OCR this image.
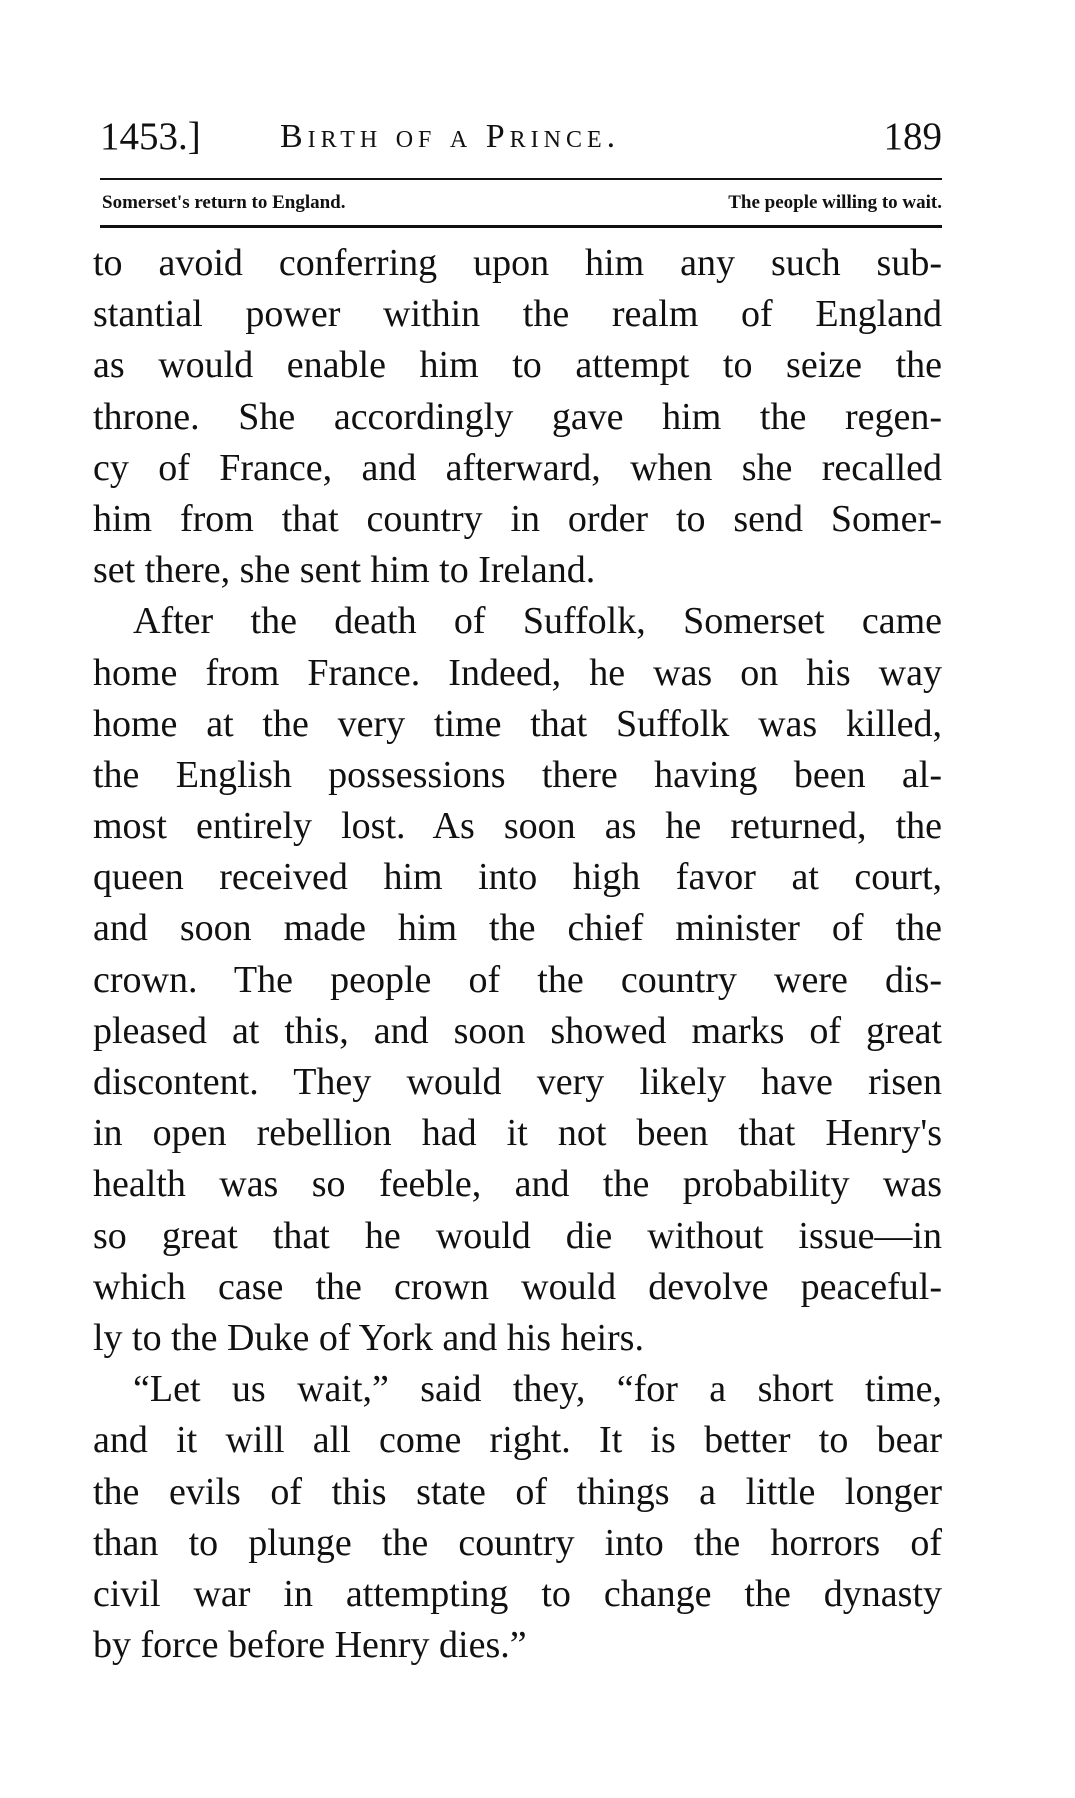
1453.] Birth of a Prince.	189
Somerset's return to England.	The people willing to wait.
to avoid conferring upon him any such sub-
stantial power within the realm of England
as would enable him to attempt to seize the
throne. She accordingly gave him the regen-
cy of France, and afterward, when she recalled
him from that country in order to send Somer-
set there, she sent him to Ireland.
After the death of Suffolk, Somerset came
home from France. Indeed, he was on his way
home at the very time that Suffolk was killed,
the English possessions there having been al-
most entirely lost. As soon as he returned, the
queen received him into high favor at court,
and soon made him the chief minister of the
crown. The people of the country were dis-
pleased at this, and soon showed marks of great
discontent. They would very likely have risen
in open rebellion had it not been that Henry's
health was so feeble, and the probability was
so great that he would die without issue—in
which case the crown would devolve peaceful-
ly to the Duke of York and his heirs.
“Let us wait,” said they, “for a short time,
and it will all come right. It is better to bear
the evils of this state of things a little longer
than to plunge the country into the horrors of
civil war in attempting to change the dynasty
by force before Henry dies.”
